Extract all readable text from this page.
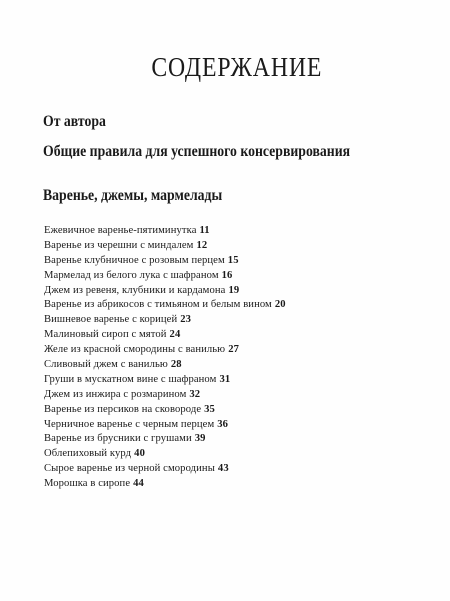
СОДЕРЖАНИЕ
От автора
Общие правила для успешного консервирования
Варенье, джемы, мармелады
Ежевичное варенье-пятиминутка 11
Варенье из черешни с миндалем 12
Варенье клубничное с розовым перцем 15
Мармелад из белого лука с шафраном 16
Джем из ревеня, клубники и кардамона 19
Варенье из абрикосов с тимьяном и белым вином 20
Вишневое варенье с корицей 23
Малиновый сироп с мятой 24
Желе из красной смородины с ванилью 27
Сливовый джем с ванилью 28
Груши в мускатном вине с шафраном 31
Джем из инжира с розмарином 32
Варенье из персиков на сковороде 35
Черничное варенье с черным перцем 36
Варенье из брусники с грушами 39
Облепиховый курд 40
Сырое варенье из черной смородины 43
Морошка в сиропе 44
